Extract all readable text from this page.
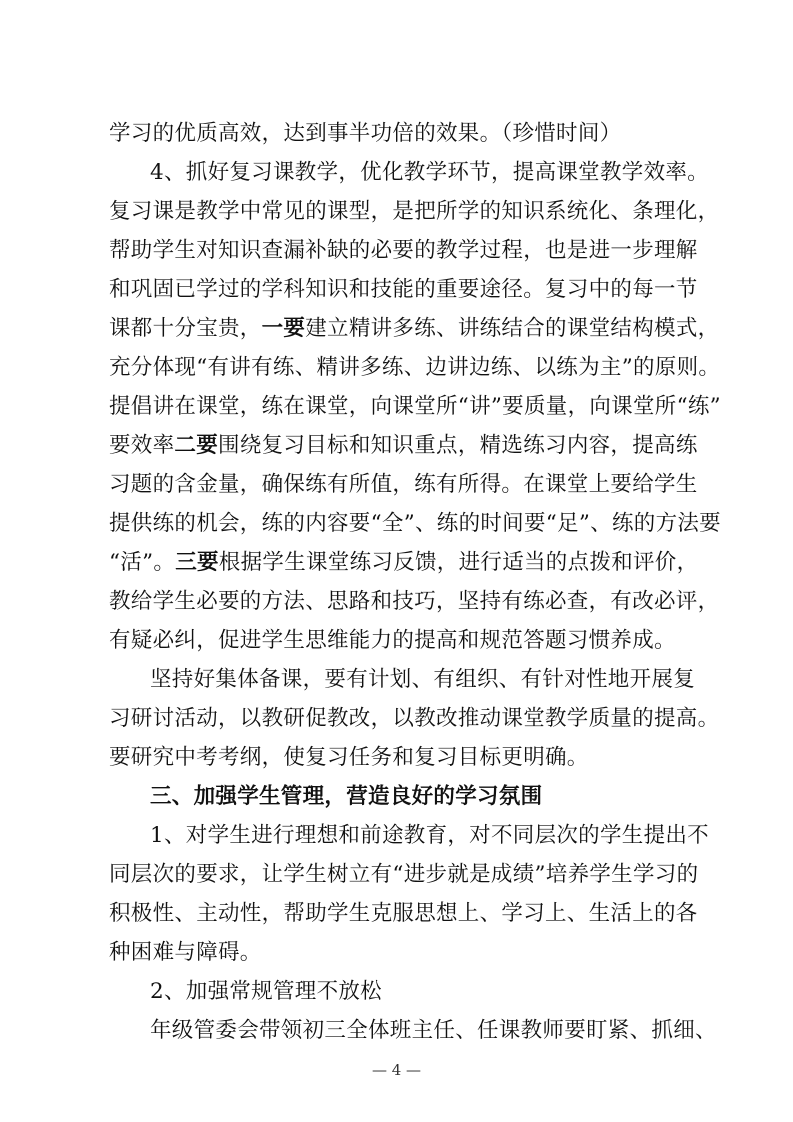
学习的优质高效，达到事半功倍的效果。（珍惜时间）
4、抓好复习课教学，优化教学环节，提高课堂教学效率。
复习课是教学中常见的课型，是把所学的知识系统化、条理化，
帮助学生对知识查漏补缺的必要的教学过程，也是进一步理解
和巩固已学过的学科知识和技能的重要途径。复习中的每一节
课都十分宝贵，一要建立精讲多练、讲练结合的课堂结构模式，
充分体现“有讲有练、精讲多练、边讲边练、以练为主”的原则。
提倡讲在课堂，练在课堂，向课堂所“讲”要质量，向课堂所“练”
要效率二要围绕复习目标和知识重点，精选练习内容，提高练
习题的含金量，确保练有所值，练有所得。在课堂上要给学生
提供练的机会，练的内容要“全”、练的时间要“足”、练的方法要
“活”。三要根据学生课堂练习反馈，进行适当的点拨和评价，
教给学生必要的方法、思路和技巧，坚持有练必查，有改必评，
有疑必纠，促进学生思维能力的提高和规范答题习惯养成。
坚持好集体备课，要有计划、有组织、有针对性地开展复
习研讨活动，以教研促教改，以教改推动课堂教学质量的提高。
要研究中考考纲，使复习任务和复习目标更明确。
三、加强学生管理，营造良好的学习氛围
1、对学生进行理想和前途教育，对不同层次的学生提出不
同层次的要求，让学生树立有“进步就是成绩”培养学生学习的
积极性、主动性，帮助学生克服思想上、学习上、生活上的各
种困难与障碍。
2、加强常规管理不放松
年级管委会带领初三全体班主任、任课教师要盯紧、抓细、
— 4 —
